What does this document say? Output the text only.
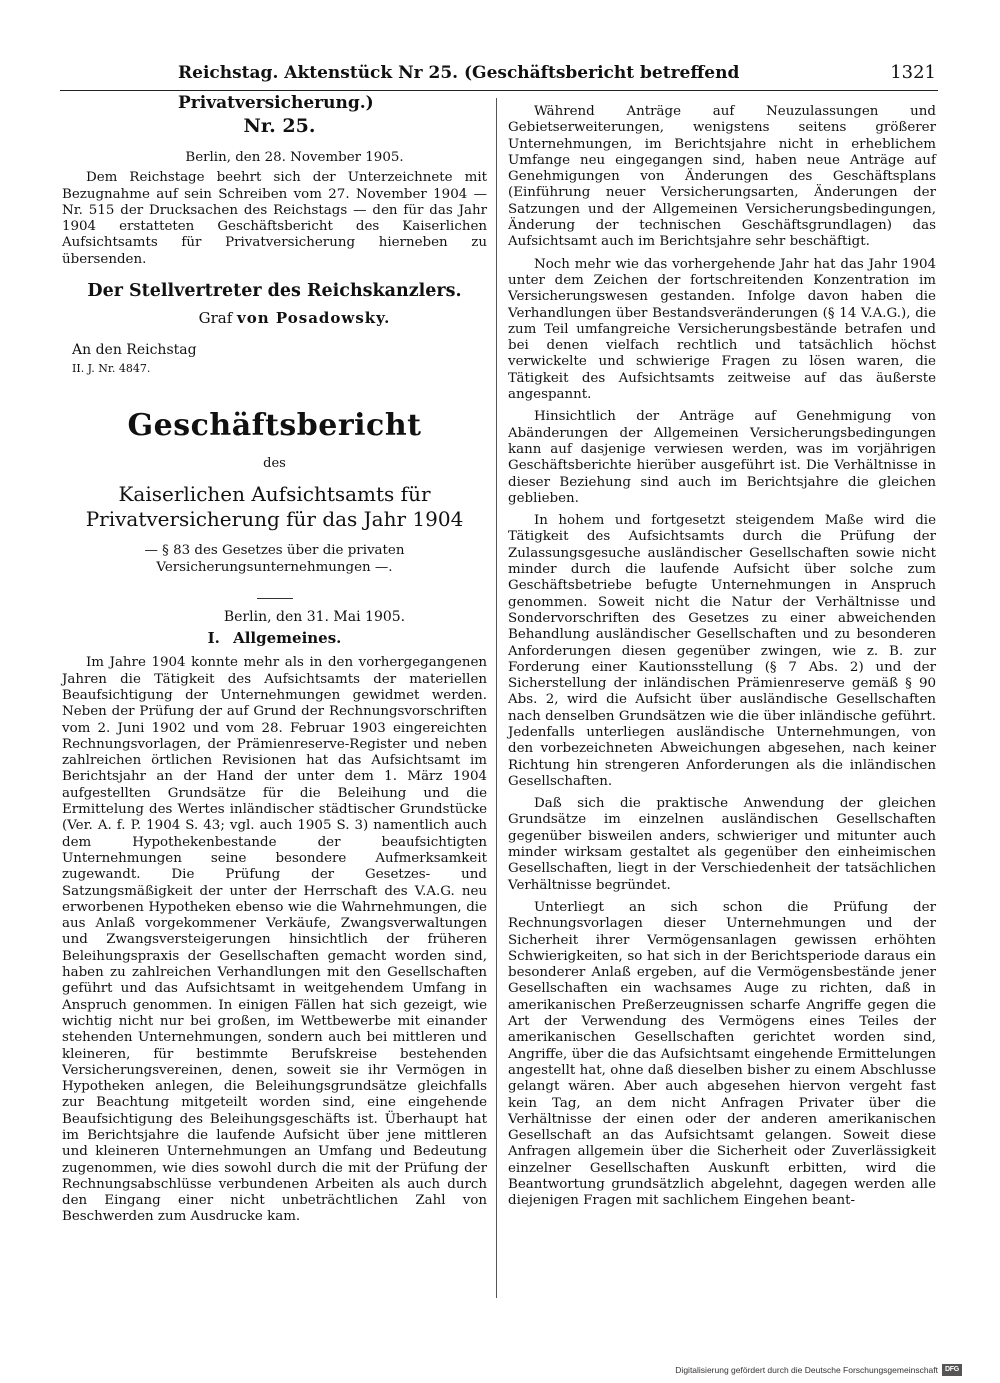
Reichstag. Aktenstück Nr 25. (Geschäftsbericht betreffend Privatversicherung.)
1321

Nr. 25.

Berlin, den 28. November 1905.

Dem Reichstage beehrt sich der Unterzeichnete mit Bezugnahme auf sein Schreiben vom 27. November 1904 — Nr. 515 der Drucksachen des Reichstags — den für das Jahr 1904 erstatteten Geschäftsbericht des Kaiserlichen Aufsichtsamts für Privatversicherung hierneben zu übersenden.

Der Stellvertreter des Reichskanzlers.

Graf von Posadowsky.

An den Reichstag

II. J. Nr. 4847.

Geschäftsbericht

des

Kaiserlichen Aufsichtsamts für Privatversicherung für das Jahr 1904

— § 83 des Gesetzes über die privaten Versicherungsunternehmungen —.

Berlin, den 31. Mai 1905.

I. Allgemeines.

Im Jahre 1904 konnte mehr als in den vorhergegangenen Jahren die Tätigkeit des Aufsichtsamts der materiellen Beaufsichtigung der Unternehmungen gewidmet werden. Neben der Prüfung der auf Grund der Rechnungsvorschriften vom 2. Juni 1902 und vom 28. Februar 1903 eingereichten Rechnungsvorlagen, der Prämienreserve-Register und neben zahlreichen örtlichen Revisionen hat das Aufsichtsamt im Berichtsjahr an der Hand der unter dem 1. März 1904 aufgestellten Grundsätze für die Beleihung und die Ermittelung des Wertes inländischer städtischer Grundstücke (Ver. A. f. P. 1904 S. 43; vgl. auch 1905 S. 3) namentlich auch dem Hypothekenbestande der beaufsichtigten Unternehmungen seine besondere Aufmerksamkeit zugewandt. Die Prüfung der Gesetzes- und Satzungsmäßigkeit der unter der Herrschaft des V.A.G. neu erworbenen Hypotheken ebenso wie die Wahrnehmungen, die aus Anlaß vorgekommener Verkäufe, Zwangsverwaltungen und Zwangsversteigerungen hinsichtlich der früheren Beleihungspraxis der Gesellschaften gemacht worden sind, haben zu zahlreichen Verhandlungen mit den Gesellschaften geführt und das Aufsichtsamt in weitgehendem Umfang in Anspruch genommen. In einigen Fällen hat sich gezeigt, wie wichtig nicht nur bei großen, im Wettbewerbe mit einander stehenden Unternehmungen, sondern auch bei mittleren und kleineren, für bestimmte Berufskreise bestehenden Versicherungsvereinen, denen, soweit sie ihr Vermögen in Hypotheken anlegen, die Beleihungsgrundsätze gleichfalls zur Beachtung mitgeteilt worden sind, eine eingehende Beaufsichtigung des Beleihungsgeschäfts ist. Überhaupt hat im Berichtsjahre die laufende Aufsicht über jene mittleren und kleineren Unternehmungen an Umfang und Bedeutung zugenommen, wie dies sowohl durch die mit der Prüfung der Rechnungsabschlüsse verbundenen Arbeiten als auch durch den Eingang einer nicht unbeträchtlichen Zahl von Beschwerden zum Ausdrucke kam.

Während Anträge auf Neuzulassungen und Gebietserweiterungen, wenigstens seitens größerer Unternehmungen, im Berichtsjahre nicht in erheblichem Umfange neu eingegangen sind, haben neue Anträge auf Genehmigungen von Änderungen des Geschäftsplans (Einführung neuer Versicherungsarten, Änderungen der Satzungen und der Allgemeinen Versicherungsbedingungen, Änderung der technischen Geschäftsgrundlagen) das Aufsichtsamt auch im Berichtsjahre sehr beschäftigt.

Noch mehr wie das vorhergehende Jahr hat das Jahr 1904 unter dem Zeichen der fortschreitenden Konzentration im Versicherungswesen gestanden. Infolge davon haben die Verhandlungen über Bestandsveränderungen (§ 14 V.A.G.), die zum Teil umfangreiche Versicherungsbestände betrafen und bei denen vielfach rechtlich und tatsächlich höchst verwickelte und schwierige Fragen zu lösen waren, die Tätigkeit des Aufsichtsamts zeitweise auf das äußerste angespannt.

Hinsichtlich der Anträge auf Genehmigung von Abänderungen der Allgemeinen Versicherungsbedingungen kann auf dasjenige verwiesen werden, was im vorjährigen Geschäftsberichte hierüber ausgeführt ist. Die Verhältnisse in dieser Beziehung sind auch im Berichtsjahre die gleichen geblieben.

In hohem und fortgesetzt steigendem Maße wird die Tätigkeit des Aufsichtsamts durch die Prüfung der Zulassungsgesuche ausländischer Gesellschaften sowie nicht minder durch die laufende Aufsicht über solche zum Geschäftsbetriebe befugte Unternehmungen in Anspruch genommen. Soweit nicht die Natur der Verhältnisse und Sondervorschriften des Gesetzes zu einer abweichenden Behandlung ausländischer Gesellschaften und zu besonderen Anforderungen diesen gegenüber zwingen, wie z. B. zur Forderung einer Kautionsstellung (§ 7 Abs. 2) und der Sicherstellung der inländischen Prämienreserve gemäß § 90 Abs. 2, wird die Aufsicht über ausländische Gesellschaften nach denselben Grundsätzen wie die über inländische geführt. Jedenfalls unterliegen ausländische Unternehmungen, von den vorbezeichneten Abweichungen abgesehen, nach keiner Richtung hin strengeren Anforderungen als die inländischen Gesellschaften.

Daß sich die praktische Anwendung der gleichen Grundsätze im einzelnen ausländischen Gesellschaften gegenüber bisweilen anders, schwieriger und mitunter auch minder wirksam gestaltet als gegenüber den einheimischen Gesellschaften, liegt in der Verschiedenheit der tatsächlichen Verhältnisse begründet.

Unterliegt an sich schon die Prüfung der Rechnungsvorlagen dieser Unternehmungen und der Sicherheit ihrer Vermögensanlagen gewissen erhöhten Schwierigkeiten, so hat sich in der Berichtsperiode daraus ein besonderer Anlaß ergeben, auf die Vermögensbestände jener Gesellschaften ein wachsames Auge zu richten, daß in amerikanischen Preßerzeugnissen scharfe Angriffe gegen die Art der Verwendung des Vermögens eines Teiles der amerikanischen Gesellschaften gerichtet worden sind, Angriffe, über die das Aufsichtsamt eingehende Ermittelungen angestellt hat, ohne daß dieselben bisher zu einem Abschlusse gelangt wären. Aber auch abgesehen hiervon vergeht fast kein Tag, an dem nicht Anfragen Privater über die Verhältnisse der einen oder der anderen amerikanischen Gesellschaft an das Aufsichtsamt gelangen. Soweit diese Anfragen allgemein über die Sicherheit oder Zuverlässigkeit einzelner Gesellschaften Auskunft erbitten, wird die Beantwortung grundsätzlich abgelehnt, dagegen werden alle diejenigen Fragen mit sachlichem Eingehen beant-

Digitalisierung gefördert durch die Deutsche Forschungsgemeinschaft	DFG
